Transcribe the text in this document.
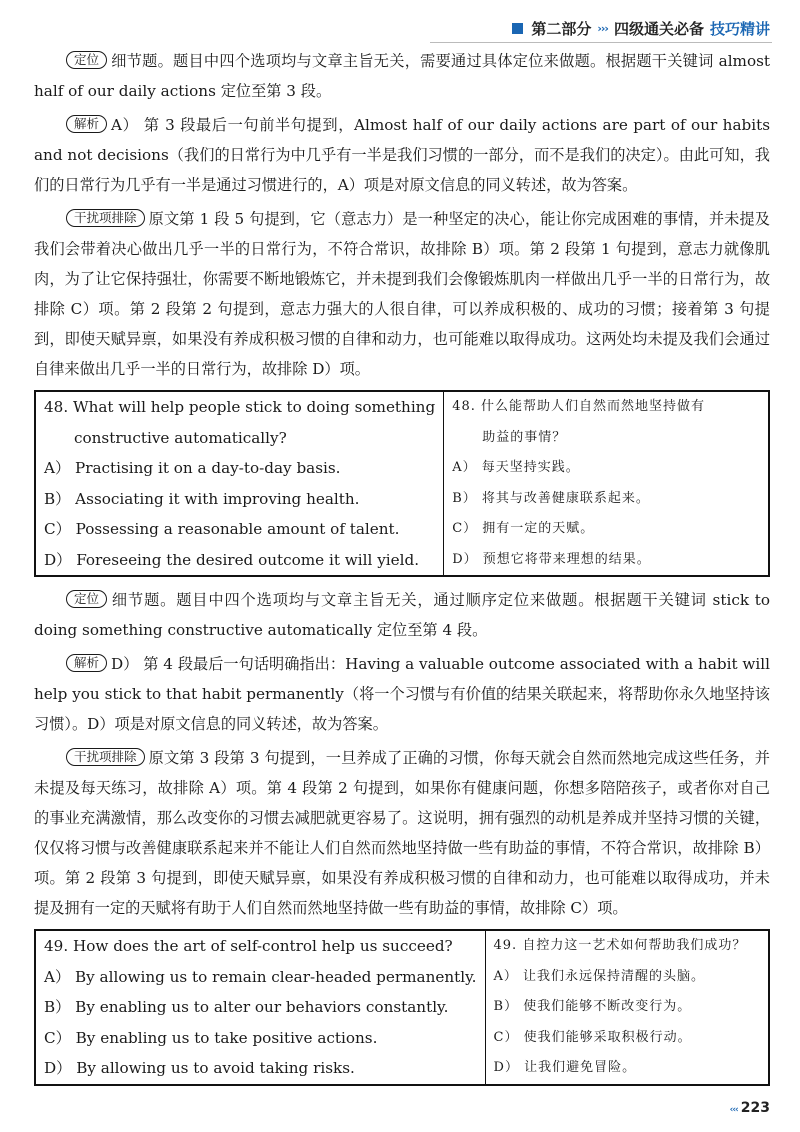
第二部分 ››› 四级通关必备 技巧精讲

定位 细节题。题目中四个选项均与文章主旨无关，需要通过具体定位来做题。根据题干关键词 almost half of our daily actions 定位至第 3 段。

解析 A） 第 3 段最后一句前半句提到，Almost half of our daily actions are part of our habits and not decisions（我们的日常行为中几乎有一半是我们习惯的一部分，而不是我们的决定）。由此可知，我们的日常行为几乎有一半是通过习惯进行的，A）项是对原文信息的同义转述，故为答案。

干扰项排除 原文第 1 段 5 句提到，它（意志力）是一种坚定的决心，能让你完成困难的事情，并未提及我们会带着决心做出几乎一半的日常行为，不符合常识，故排除 B）项。第 2 段第 1 句提到，意志力就像肌肉，为了让它保持强壮，你需要不断地锻炼它，并未提到我们会像锻炼肌肉一样做出几乎一半的日常行为，故排除 C）项。第 2 段第 2 句提到，意志力强大的人很自律，可以养成积极的、成功的习惯；接着第 3 句提到，即使天赋异禀，如果没有养成积极习惯的自律和动力，也可能难以取得成功。这两处均未提及我们会通过自律来做出几乎一半的日常行为，故排除 D）项。

48. What will help people stick to doing something
constructive automatically?
A） Practising it on a day-to-day basis.
B） Associating it with improving health.
C） Possessing a reasonable amount of talent.
D） Foreseeing the desired outcome it will yield.

48. 什么能帮助人们自然而然地坚持做有
助益的事情？
A） 每天坚持实践。
B） 将其与改善健康联系起来。
C） 拥有一定的天赋。
D） 预想它将带来理想的结果。

定位 细节题。题目中四个选项均与文章主旨无关，通过顺序定位来做题。根据题干关键词 stick to doing something constructive automatically 定位至第 4 段。

解析 D） 第 4 段最后一句话明确指出：Having a valuable outcome associated with a habit will help you stick to that habit permanently（将一个习惯与有价值的结果关联起来，将帮助你永久地坚持该习惯）。D）项是对原文信息的同义转述，故为答案。

干扰项排除 原文第 3 段第 3 句提到，一旦养成了正确的习惯，你每天就会自然而然地完成这些任务，并未提及每天练习，故排除 A）项。第 4 段第 2 句提到，如果你有健康问题，你想多陪陪孩子，或者你对自己的事业充满激情，那么改变你的习惯去减肥就更容易了。这说明，拥有强烈的动机是养成并坚持习惯的关键，仅仅将习惯与改善健康联系起来并不能让人们自然而然地坚持做一些有助益的事情，不符合常识，故排除 B）项。第 2 段第 3 句提到，即使天赋异禀，如果没有养成积极习惯的自律和动力，也可能难以取得成功，并未提及拥有一定的天赋将有助于人们自然而然地坚持做一些有助益的事情，故排除 C）项。

49. How does the art of self-control help us succeed?
A） By allowing us to remain clear-headed permanently.
B） By enabling us to alter our behaviors constantly.
C） By enabling us to take positive actions.
D） By allowing us to avoid taking risks.

49. 自控力这一艺术如何帮助我们成功？
A） 让我们永远保持清醒的头脑。
B） 使我们能够不断改变行为。
C） 使我们能够采取积极行动。
D） 让我们避免冒险。
‹‹‹ 223
